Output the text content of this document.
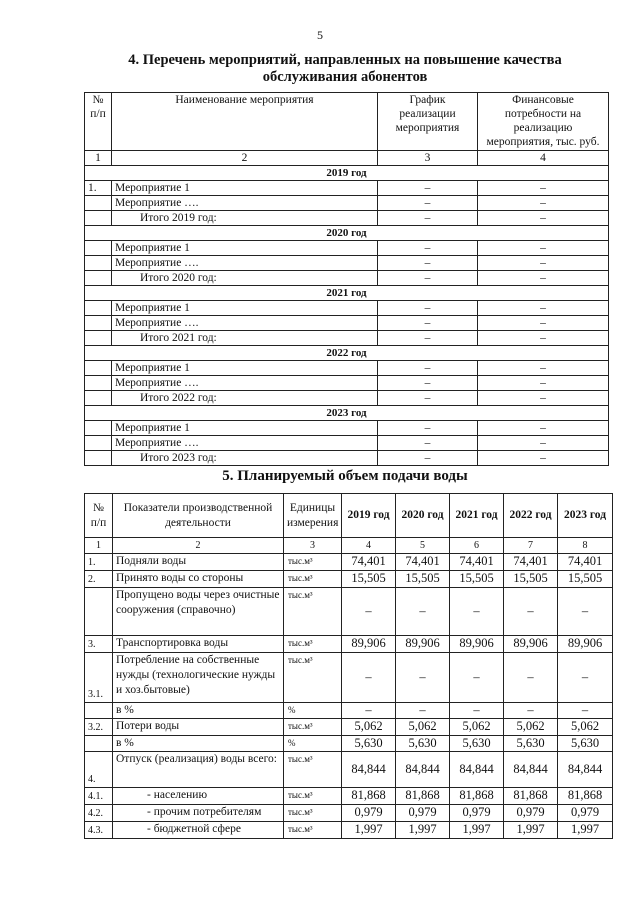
5
4. Перечень мероприятий, направленных на повышение качества
обслуживания абонентов
№ п/п	Наименование мероприятия	График реализации мероприятия	Финансовые потребности на реализацию мероприятия, тыс. руб.
1	2	3	4
2019 год			
1.	Мероприятие 1	–	–
	Мероприятие ….	–	–
	Итого 2019 год:	–	–
2020 год			
	Мероприятие 1	–	–
	Мероприятие ….	–	–
	Итого 2020 год:	–	–
2021 год			
	Мероприятие 1	–	–
	Мероприятие ….	–	–
	Итого 2021 год:	–	–
2022 год			
	Мероприятие 1	–	–
	Мероприятие ….	–	–
	Итого 2022 год:	–	–
2023 год			
	Мероприятие 1	–	–
	Мероприятие ….	–	–
	Итого 2023 год:	–	–
5. Планируемый объем подачи воды
№ п/п	Показатели производственной деятельности	Единицы измерения	2019 год	2020 год	2021 год	2022 год	2023 год
1	2	3	4	5	6	7	8
1.	Подняли воды	тыс.м³	74,401	74,401	74,401	74,401	74,401
2.	Принято воды со стороны	тыс.м³	15,505	15,505	15,505	15,505	15,505
	Пропущено воды через очистные сооружения (справочно)	тыс.м³	–	–	–	–	–
3.	Транспортировка воды	тыс.м³	89,906	89,906	89,906	89,906	89,906
3.1.	Потребление на собственные нужды (технологические нужды и хоз.бытовые)	тыс.м³	–	–	–	–	–
	в %	%	–	–	–	–	–
3.2.	Потери воды	тыс.м³	5,062	5,062	5,062	5,062	5,062
	в %	%	5,630	5,630	5,630	5,630	5,630
4.	Отпуск (реализация) воды всего:	тыс.м³	84,844	84,844	84,844	84,844	84,844
4.1.	- населению	тыс.м³	81,868	81,868	81,868	81,868	81,868
4.2.	- прочим потребителям	тыс.м³	0,979	0,979	0,979	0,979	0,979
4.3.	- бюджетной сфере	тыс.м³	1,997	1,997	1,997	1,997	1,997
